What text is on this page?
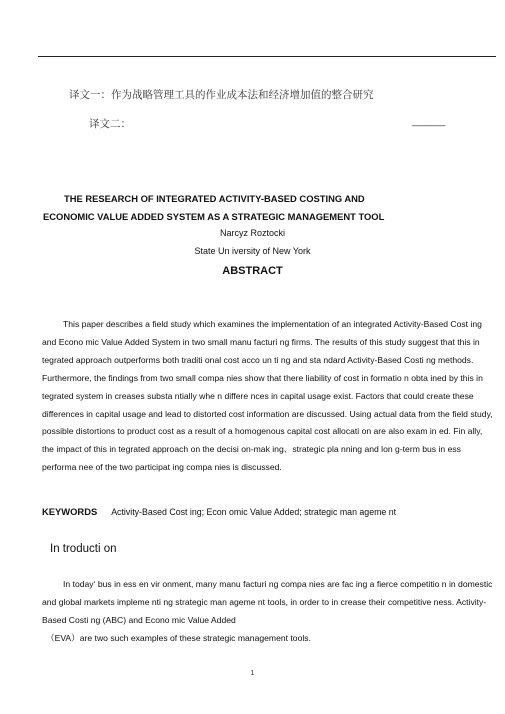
译文一：作为战略管理工具的作业成本法和经济增加值的整合研究
译文二：	______
THE RESEARCH OF INTEGRATED ACTIVITY-BASED COSTING AND
ECONOMIC VALUE ADDED SYSTEM AS A STRATEGIC MANAGEMENT TOOL
Narcyz Roztocki
State Un iversity of New York
ABSTRACT

This paper describes a field study which examines the implementation of an integrated Activity-Based Cost ing and Econo mic Value Added System in two small manu facturi ng firms. The results of this study suggest that this in tegrated approach outperforms both traditi onal cost acco un ti ng and sta ndard Activity-Based Costi ng methods. Furthermore, the findings from two small compa nies show that there liability of cost in formatio n obta ined by this in tegrated system in creases substa ntially whe n differe nces in capital usage exist. Factors that could create these differences in capital usage and lead to distorted cost information are discussed. Using actual data from the field study, possible distortions to product cost as a result of a homogenous capital cost allocati on are also exam in ed. Fin ally, the impact of this in tegrated approach on the decisi on-mak ing、strategic pla nning and lon g-term bus in ess performa nee of the two participat ing compa nies is discussed.

KEYWORDS Activity-Based Cost ing; Econ omic Value Added; strategic man ageme nt
In troducti on

In today‘ bus in ess en vir onment, many manu facturi ng compa nies are fac ing a fierce competitio n in domestic and global markets impleme nti ng strategic man ageme nt tools, in order to in crease their competitive ness. Activity-Based Costi ng (ABC) and Econo mic Value Added

（EVA）are two such examples of these strategic management tools.

1
